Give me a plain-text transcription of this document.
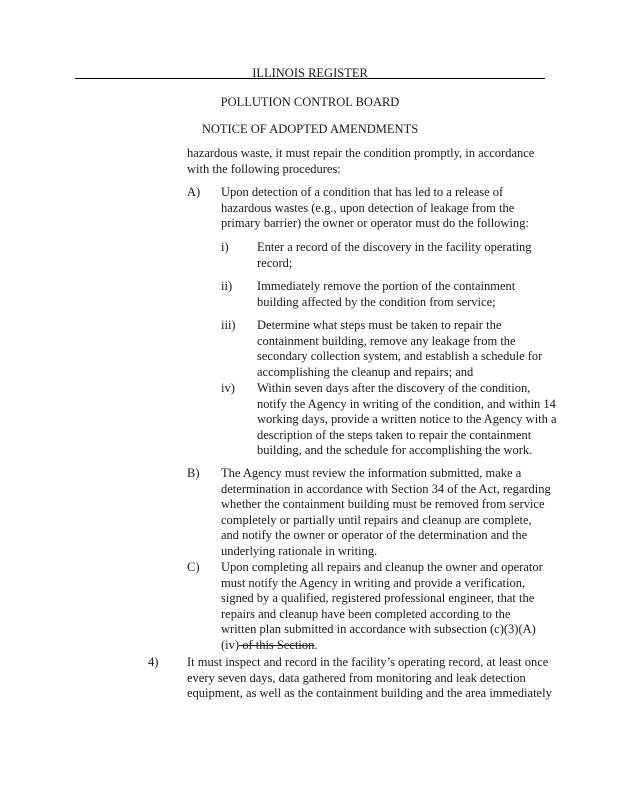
ILLINOIS REGISTER
POLLUTION CONTROL BOARD
NOTICE OF ADOPTED AMENDMENTS
hazardous waste, it must repair the condition promptly, in accordance with the following procedures:
A) Upon detection of a condition that has led to a release of hazardous wastes (e.g., upon detection of leakage from the primary barrier) the owner or operator must do the following:
i) Enter a record of the discovery in the facility operating record;
ii) Immediately remove the portion of the containment building affected by the condition from service;
iii) Determine what steps must be taken to repair the containment building, remove any leakage from the secondary collection system, and establish a schedule for accomplishing the cleanup and repairs; and
iv) Within seven days after the discovery of the condition, notify the Agency in writing of the condition, and within 14 working days, provide a written notice to the Agency with a description of the steps taken to repair the containment building, and the schedule for accomplishing the work.
B) The Agency must review the information submitted, make a determination in accordance with Section 34 of the Act, regarding whether the containment building must be removed from service completely or partially until repairs and cleanup are complete, and notify the owner or operator of the determination and the underlying rationale in writing.
C) Upon completing all repairs and cleanup the owner and operator must notify the Agency in writing and provide a verification, signed by a qualified, registered professional engineer, that the repairs and cleanup have been completed according to the written plan submitted in accordance with subsection (c)(3)(A)(iv) of this Section.
4) It must inspect and record in the facility’s operating record, at least once every seven days, data gathered from monitoring and leak detection equipment, as well as the containment building and the area immediately
